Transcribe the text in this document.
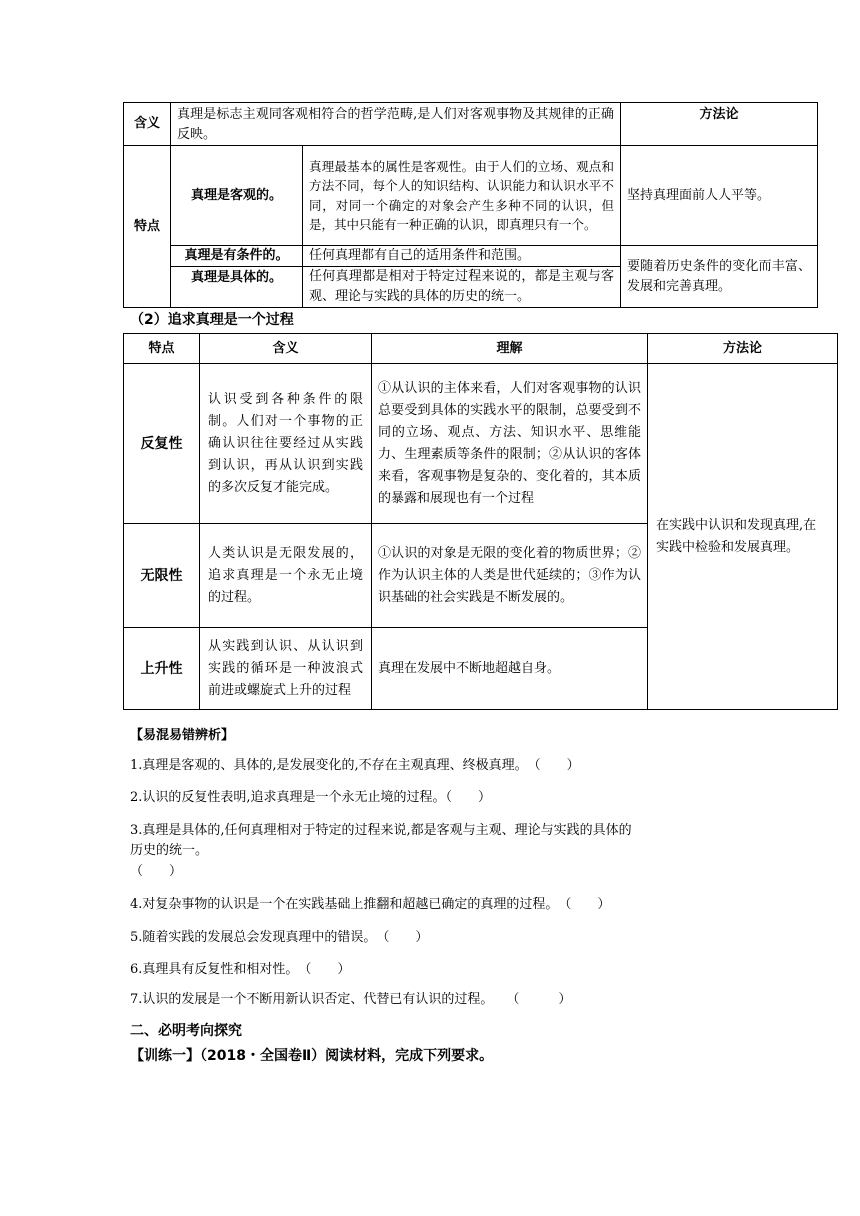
含义	真理是标志主观同客观相符合的哲学范畴,是人们对客观事物及其规律的正确反映。		方法论
特点	真理是客观的。	真理最基本的属性是客观性。由于人们的立场、观点和方法不同，每个人的知识结构、认识能力和认识水平不同，对同一个确定的对象会产生多种不同的认识，但是，其中只能有一种正确的认识，即真理只有一个。	坚持真理面前人人平等。
	真理是有条件的。	任何真理都有自己的适用条件和范围。	要随着历史条件的变化而丰富、发展和完善真理。
	真理是具体的。	任何真理都是相对于特定过程来说的，都是主观与客观、理论与实践的具体的历史的统一。	
（2）追求真理是一个过程
特点	含义	理解	方法论
反复性	认识受到各种条件的限制。人们对一个事物的正确认识往往要经过从实践到认识，再从认识到实践的多次反复才能完成。	①从认识的主体来看，人们对客观事物的认识总要受到具体的实践水平的限制，总要受到不同的立场、观点、方法、知识水平、思维能力、生理素质等条件的限制；②从认识的客体来看，客观事物是复杂的、变化着的，其本质的暴露和展现也有一个过程	在实践中认识和发现真理,在实践中检验和发展真理。
无限性	人类认识是无限发展的，追求真理是一个永无止境的过程。	①认识的对象是无限的变化着的物质世界；②作为认识主体的人类是世代延续的；③作为认识基础的社会实践是不断发展的。	
上升性	从实践到认识、从认识到实践的循环是一种波浪式前进或螺旋式上升的过程	真理在发展中不断地超越自身。	
【易混易错辨析】
1.真理是客观的、具体的,是发展变化的,不存在主观真理、终极真理。　（　　）
2.认识的反复性表明,追求真理是一个永无止境的过程。（　　）
3.真理是具体的,任何真理相对于特定的过程来说,都是客观与主观、理论与实践的具体的
历史的统一。
（　　）
4.对复杂事物的认识是一个在实践基础上推翻和超越已确定的真理的过程。　（　　）
5.随着实践的发展总会发现真理中的错误。　（　　）
6.真理具有反复性和相对性。　（　　）
7.认识的发展是一个不断用新认识否定、代替已有认识的过程。　　（　　　）
二、必明考向探究
【训练一】（2018・全国卷Ⅱ）阅读材料，完成下列要求。
